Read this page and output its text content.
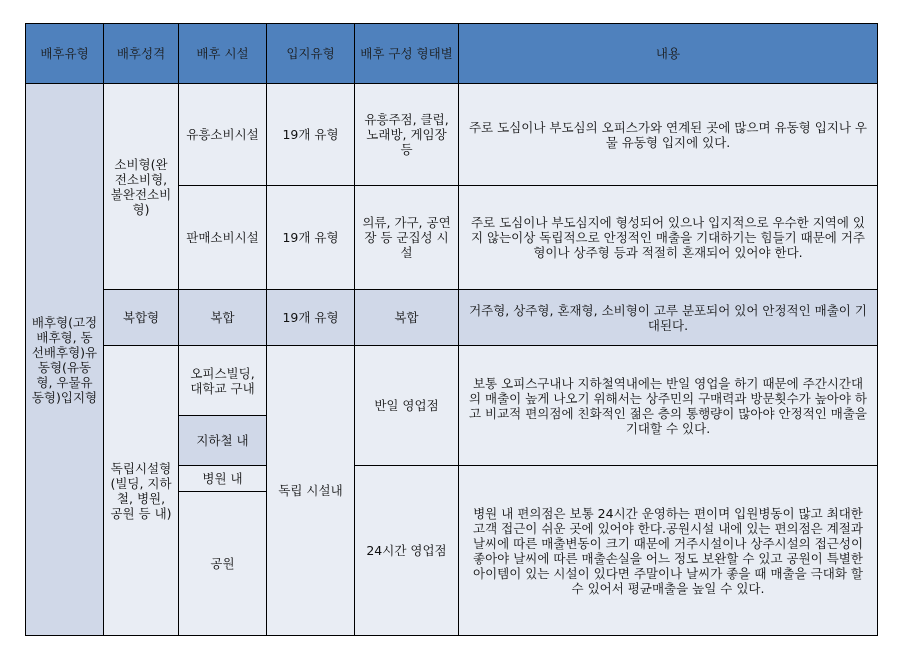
배후유형	배후성격	배후 시설	입지유형	배후 구성 형태별	내용
배후형(고정배후형, 동선배후형)유동형(유동형, 우물유동형)입지형	소비형(완전소비형, 불완전소비형)	유흥소비시설	19개 유형	유흥주점, 클럽, 노래방, 게임장 등	주로 도심이나 부도심의 오피스가와 연계된 곳에 많으며 유동형 입지나 우물 유동형 입지에 있다.
		판매소비시설	19개 유형	의류, 가구, 공연장 등 군집성 시설	주로 도심이나 부도심지에 형성되어 있으나 입지적으로 우수한 지역에 있지 않는이상 독립적으로 안정적인 매출을 기대하기는 힘들기 때문에 거주형이나 상주형 등과 적절히 혼재되어 있어야 한다.
	복합형	복합	19개 유형	복합	거주형, 상주형, 혼재형, 소비형이 고루 분포되어 있어 안정적인 매출이 기대된다.
	독립시설형(빌딩, 지하철, 병원, 공원 등 내)	오피스빌딩, 대학교 구내	독립 시설내	반일 영업점	보통 오피스구내나 지하철역내에는 반일 영업을 하기 때문에 주간시간대의 매출이 높게 나오기 위해서는 상주민의 구매력과 방문횟수가 높아야 하고 비교적 편의점에 친화적인 젊은 층의 통행량이 많아야 안정적인 매출을 기대할 수 있다.
		지하철 내			
		병원 내		24시간 영업점	병원 내 편의점은 보통 24시간 운영하는 편이며 입원병동이 많고 최대한 고객 접근이 쉬운 곳에 있어야 한다.공원시설 내에 있는 편의점은 계절과 날씨에 따른 매출변동이 크기 때문에 거주시설이나 상주시설의 접근성이 좋아야 날씨에 따른 매출손실을 어느 정도 보완할 수 있고 공원이 특별한 아이템이 있는 시설이 있다면 주말이나 날씨가 좋을 때 매출을 극대화 할 수 있어서 평균매출을 높일 수 있다.
		공원			
